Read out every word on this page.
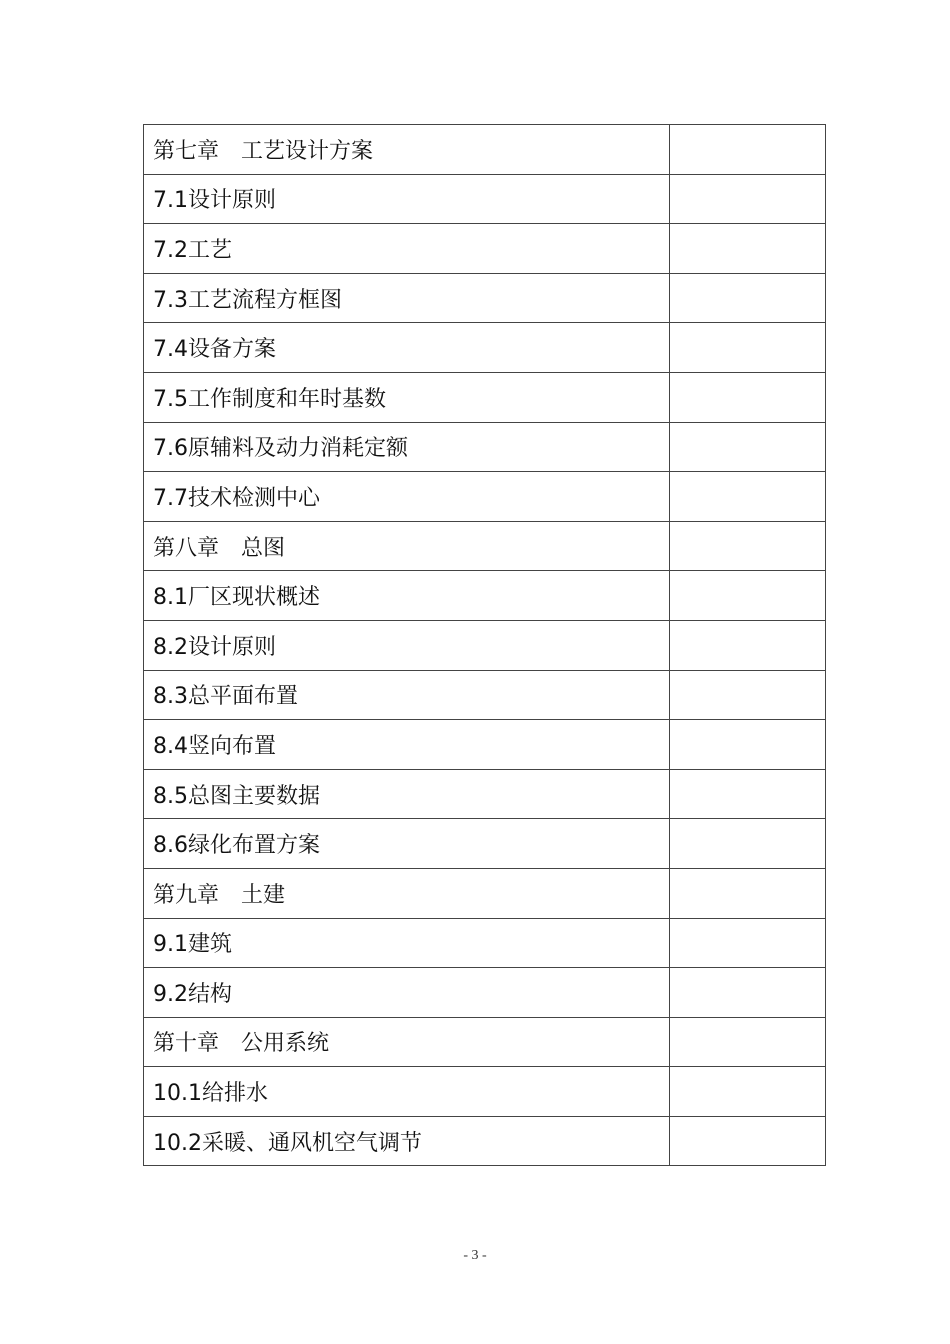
第七章　工艺设计方案	
7.1设计原则	
7.2工艺	
7.3工艺流程方框图	
7.4设备方案	
7.5工作制度和年时基数	
7.6原辅料及动力消耗定额	
7.7技术检测中心	
第八章　总图	
8.1厂区现状概述	
8.2设计原则	
8.3总平面布置	
8.4竖向布置	
8.5总图主要数据	
8.6绿化布置方案	
第九章　土建	
9.1建筑	
9.2结构	
第十章　公用系统	
10.1给排水	
10.2采暖、通风机空气调节	
- 3 -
